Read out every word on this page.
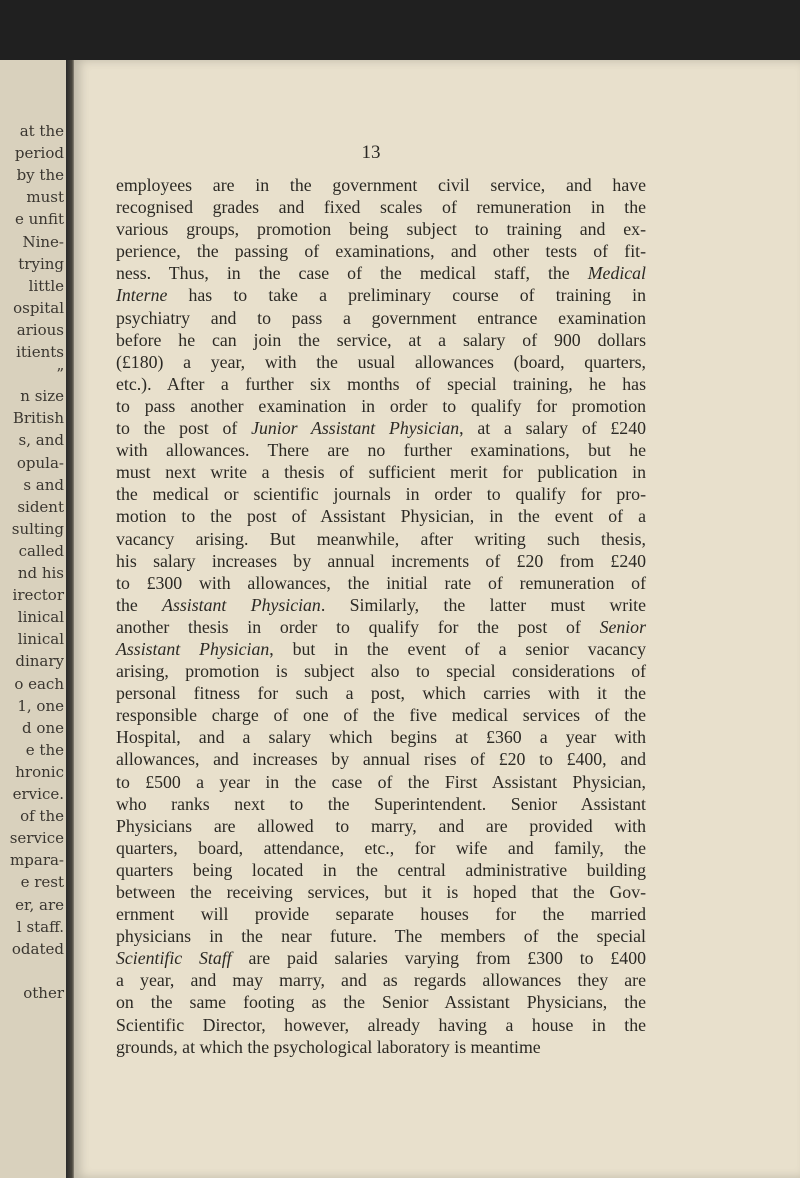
at the
period
by the
must
e unfit
Nine-
trying
little
ospital
arious
itients
”
n size
British
s, and
opula-
s and
sident
sulting
called
nd his
irector
linical
linical
dinary
o each
1, one
d one
e the
hronic
ervice.
of the
service
mpara-
e rest
er, are
l staff.
odated
other
13
employees are in the government civil service, and have
recognised grades and fixed scales of remuneration in the
various groups, promotion being subject to training and ex-
perience, the passing of examinations, and other tests of fit-
ness. Thus, in the case of the medical staff, the Medical
Interne has to take a preliminary course of training in
psychiatry and to pass a government entrance examination
before he can join the service, at a salary of 900 dollars
(£180) a year, with the usual allowances (board, quarters,
etc.). After a further six months of special training, he has
to pass another examination in order to qualify for promotion
to the post of Junior Assistant Physician, at a salary of £240
with allowances. There are no further examinations, but he
must next write a thesis of sufficient merit for publication in
the medical or scientific journals in order to qualify for pro-
motion to the post of Assistant Physician, in the event of a
vacancy arising. But meanwhile, after writing such thesis,
his salary increases by annual increments of £20 from £240
to £300 with allowances, the initial rate of remuneration of
the Assistant Physician. Similarly, the latter must write
another thesis in order to qualify for the post of Senior
Assistant Physician, but in the event of a senior vacancy
arising, promotion is subject also to special considerations of
personal fitness for such a post, which carries with it the
responsible charge of one of the five medical services of the
Hospital, and a salary which begins at £360 a year with
allowances, and increases by annual rises of £20 to £400, and
to £500 a year in the case of the First Assistant Physician,
who ranks next to the Superintendent. Senior Assistant
Physicians are allowed to marry, and are provided with
quarters, board, attendance, etc., for wife and family, the
quarters being located in the central administrative building
between the receiving services, but it is hoped that the Gov-
ernment will provide separate houses for the married
physicians in the near future. The members of the special
Scientific Staff are paid salaries varying from £300 to £400
a year, and may marry, and as regards allowances they are
on the same footing as the Senior Assistant Physicians, the
Scientific Director, however, already having a house in the
grounds, at which the psychological laboratory is meantime
